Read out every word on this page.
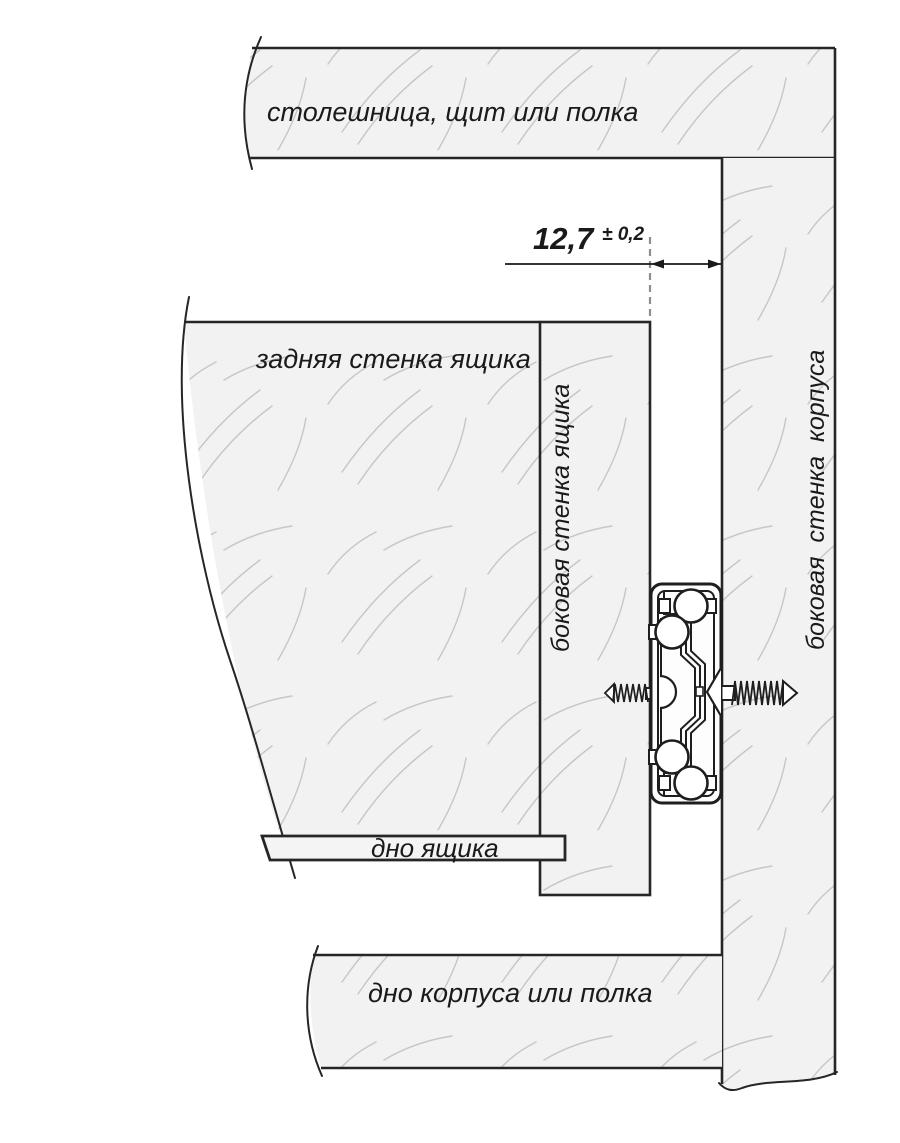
12,7 ± 0,2
столешница, щит или полка
задняя стенка ящика
боковая стенка ящика	боковая стенка корпуса
дно ящика
дно корпуса или полка
